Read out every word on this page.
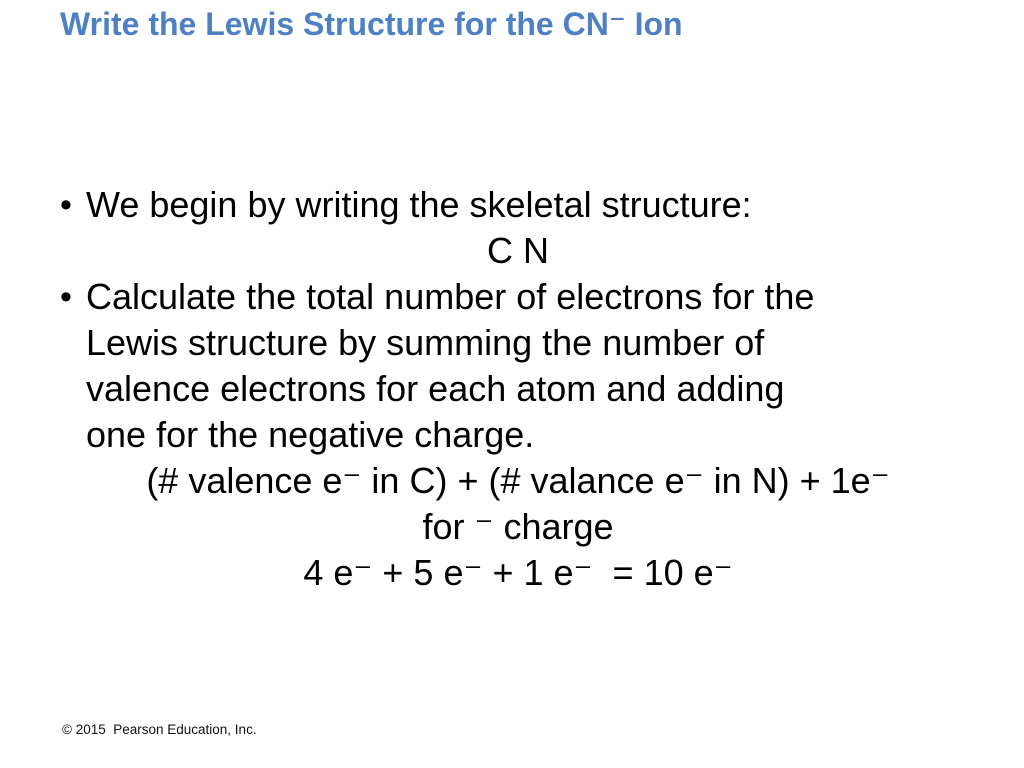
Write the Lewis Structure for the CN⁻ Ion
• We begin by writing the skeletal structure:
C N
• Calculate the total number of electrons for the
Lewis structure by summing the number of
valence electrons for each atom and adding
one for the negative charge.
(# valence e⁻ in C) + (# valance e⁻ in N) + 1e⁻
for ⁻ charge
4 e⁻ + 5 e⁻ + 1 e⁻  = 10 e⁻
© 2015  Pearson Education, Inc.
